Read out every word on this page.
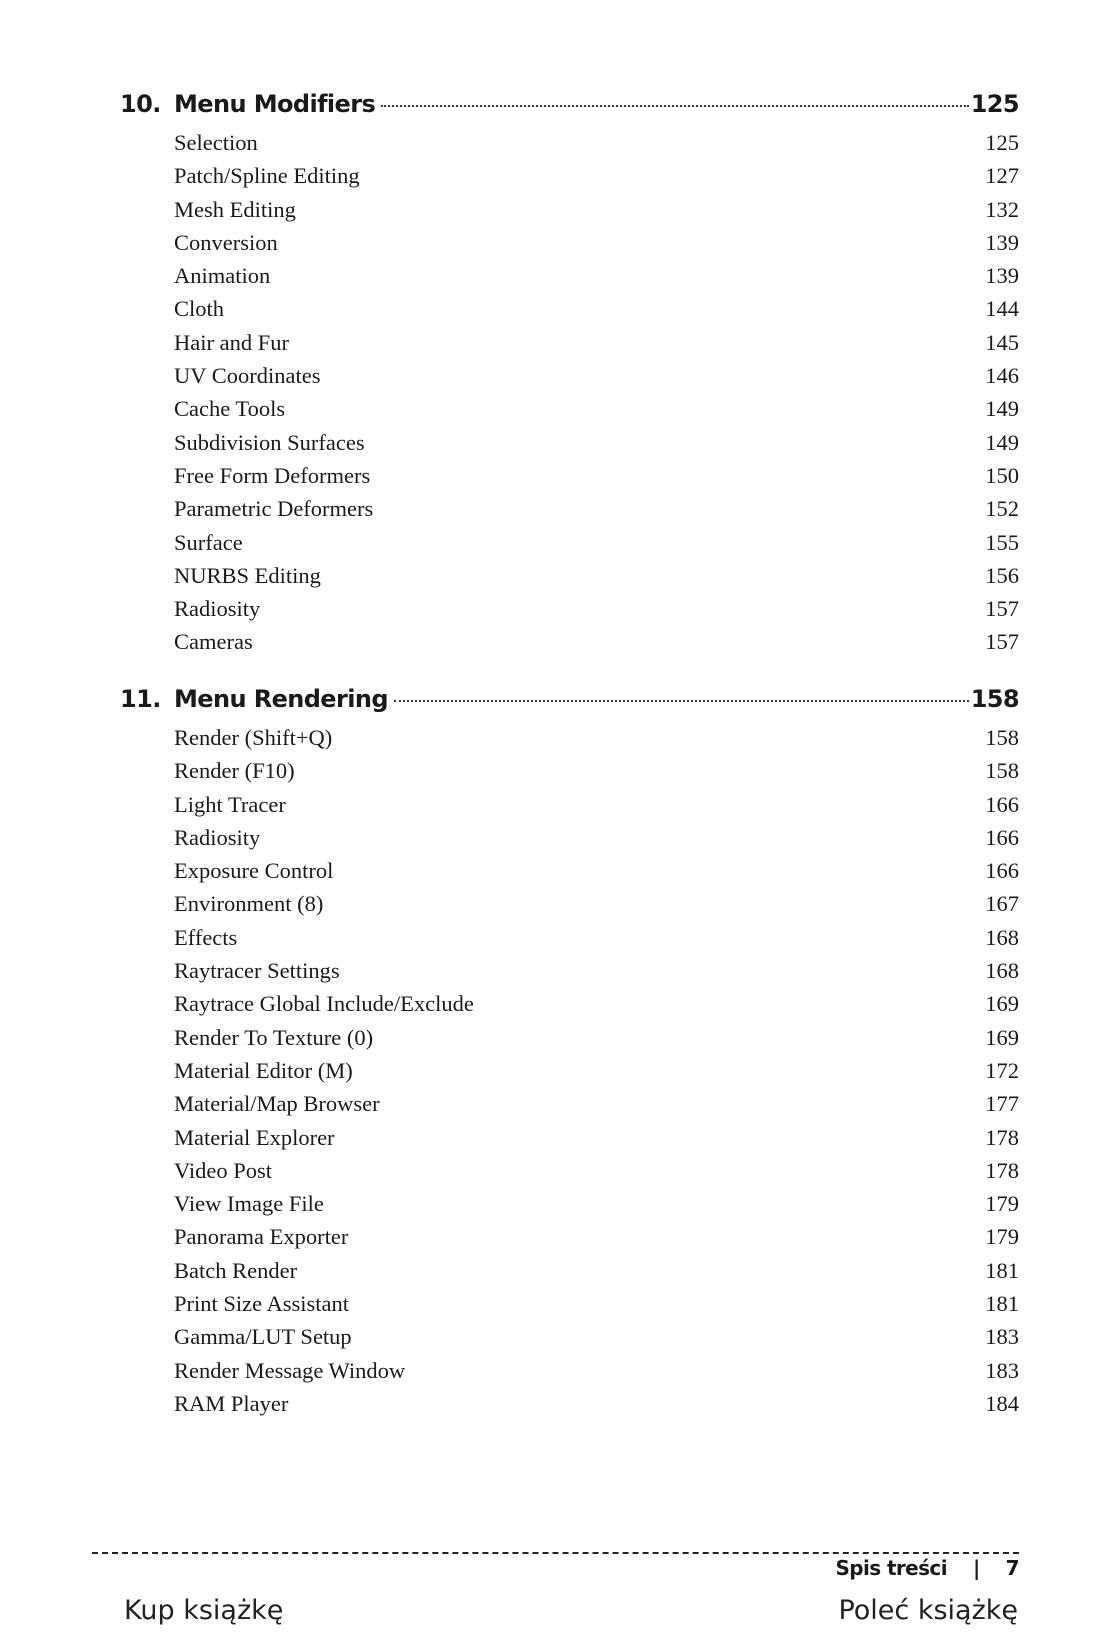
10. Menu Modifiers	125
Selection	125
Patch/Spline Editing	127
Mesh Editing	132
Conversion	139
Animation	139
Cloth	144
Hair and Fur	145
UV Coordinates	146
Cache Tools	149
Subdivision Surfaces	149
Free Form Deformers	150
Parametric Deformers	152
Surface	155
NURBS Editing	156
Radiosity	157
Cameras	157
11. Menu Rendering	158
Render (Shift+Q)	158
Render (F10)	158
Light Tracer	166
Radiosity	166
Exposure Control	166
Environment (8)	167
Effects	168
Raytracer Settings	168
Raytrace Global Include/Exclude	169
Render To Texture (0)	169
Material Editor (M)	172
Material/Map Browser	177
Material Explorer	178
Video Post	178
View Image File	179
Panorama Exporter	179
Batch Render	181
Print Size Assistant	181
Gamma/LUT Setup	183
Render Message Window	183
RAM Player	184
Spis treści | 7
Kup książkę	Poleć książkę
